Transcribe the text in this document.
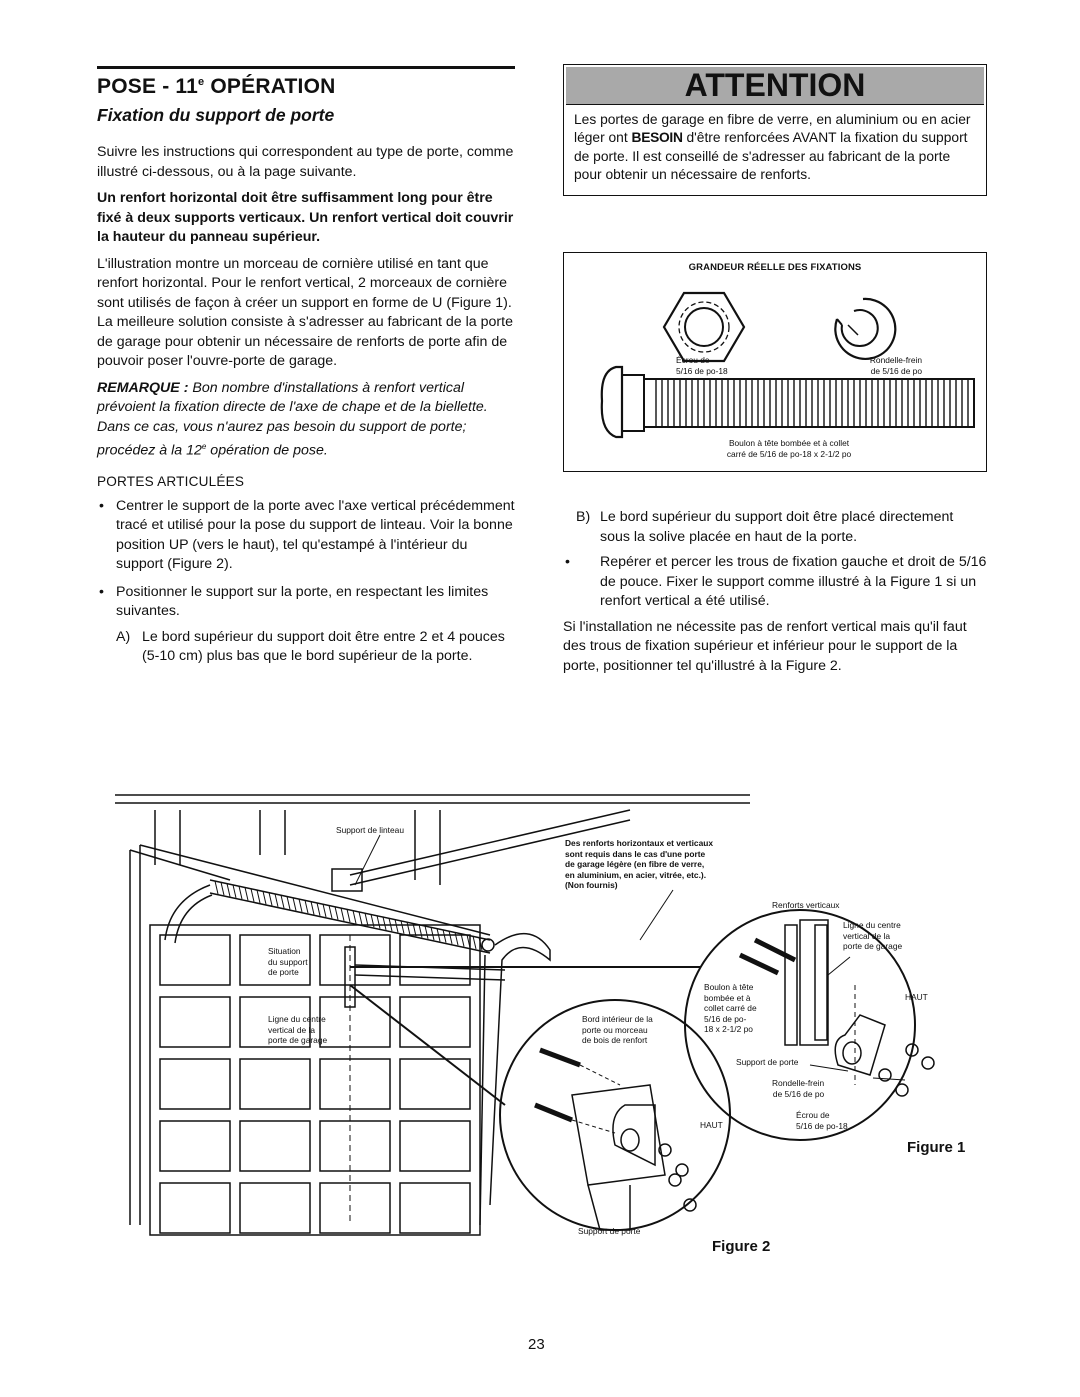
POSE - 11e OPÉRATION
Fixation du support de porte

Suivre les instructions qui correspondent au type de porte, comme illustré ci-dessous, ou à la page suivante.

Un renfort horizontal doit être suffisamment long pour être fixé à deux supports verticaux. Un renfort vertical doit couvrir la hauteur du panneau supérieur.

L'illustration montre un morceau de cornière utilisé en tant que renfort horizontal. Pour le renfort vertical, 2 morceaux de cornière sont utilisés de façon à créer un support en forme de U (Figure 1). La meilleure solution consiste à s'adresser au fabricant de la porte de garage pour obtenir un nécessaire de renforts de porte afin de pouvoir poser l'ouvre-porte de garage.

REMARQUE : Bon nombre d'installations à renfort vertical prévoient la fixation directe de l'axe de chape et de la biellette. Dans ce cas, vous n'aurez pas besoin du support de porte; procédez à la 12e opération de pose.

PORTES ARTICULÉES

• Centrer le support de la porte avec l'axe vertical précédemment tracé et utilisé pour la pose du support de linteau. Voir la bonne position UP (vers le haut), tel qu'estampé à l'intérieur du support (Figure 2).
• Positionner le support sur la porte, en respectant les limites suivantes.
A) Le bord supérieur du support doit être entre 2 et 4 pouces (5-10 cm) plus bas que le bord supérieur de la porte.
ATTENTION
Les portes de garage en fibre de verre, en aluminium ou en acier léger ont BESOIN d'être renforcées AVANT la fixation du support de porte. Il est conseillé de s'adresser au fabricant de la porte pour obtenir un nécessaire de renforts.
GRANDEUR RÉELLE DES FIXATIONS
Écrou de
5/16 de po-18
Rondelle-frein
de 5/16 de po
Boulon à tête bombée et à collet
carré de 5/16 de po-18 x 2-1/2 po
B) Le bord supérieur du support doit être placé directement sous la solive placée en haut de la porte.
• Repérer et percer les trous de fixation gauche et droit de 5/16 de pouce. Fixer le support comme illustré à la Figure 1 si un renfort vertical a été utilisé.

Si l'installation ne nécessite pas de renfort vertical mais qu'il faut des trous de fixation supérieur et inférieur pour le support de la porte, positionner tel qu'illustré à la Figure 2.

Support de linteau
Situation
du support
de porte
Ligne du centre
vertical de la
porte de garage
Des renforts horizontaux et verticaux
sont requis dans le cas d'une porte
de garage légère (en fibre de verre,
en aluminium, en acier, vitrée, etc.).
(Non fournis)
Renforts verticaux
Ligne du centre
vertical de la
porte de garage
HAUT
Boulon à tête
bombée et à
collet carré de
5/16 de po-
18 x 2-1/2 po
Bord intérieur de la
porte ou morceau
de bois de renfort
Support de porte
Rondelle-frein
de 5/16 de po
Écrou de
5/16 de po-18
HAUT
Support de porte
Figure 1
Figure 2
23
